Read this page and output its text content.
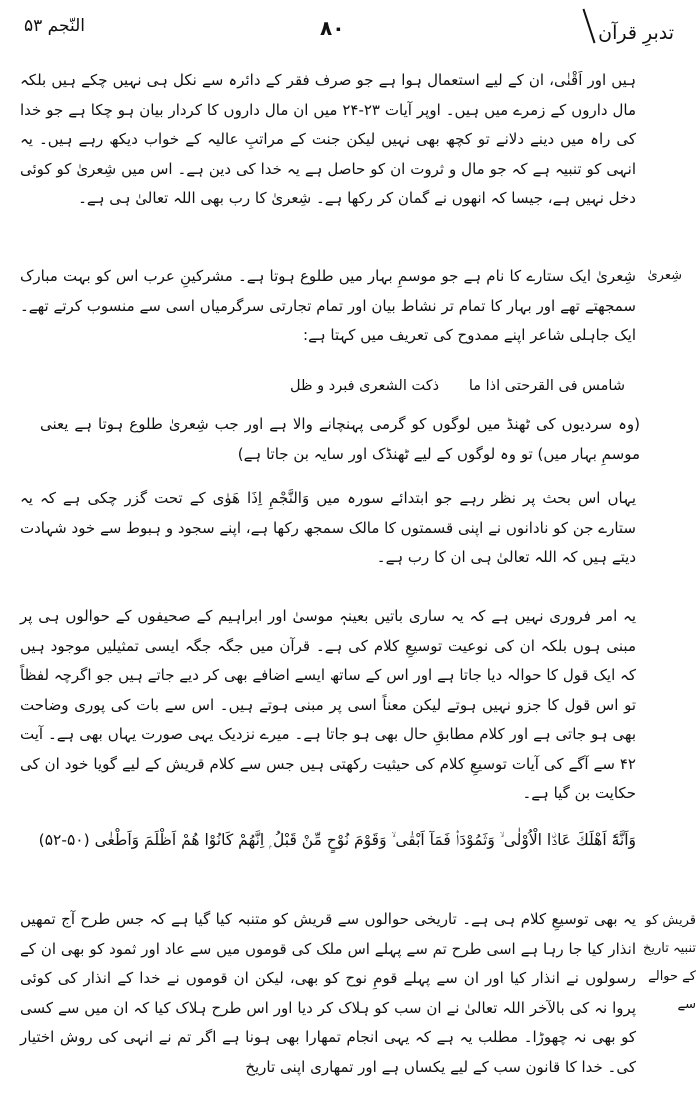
تدبرِ قرآن
۸۰
النّجم ۵۳

ہیں اور اَقْنٰی، ان کے لیے استعمال ہوا ہے جو صرف فقر کے دائرہ سے نکل ہی نہیں چکے ہیں بلکہ مال داروں کے زمرے میں ہیں۔ اوپر آیات ۲۳-۲۴ میں ان مال داروں کا کردار بیان ہو چکا ہے جو خدا کی راہ میں دینے دلانے تو کچھ بھی نہیں لیکن جنت کے مراتبِ عالیہ کے خواب دیکھ رہے ہیں۔ یہ انہی کو تنبیہ ہے کہ جو مال و ثروت ان کو حاصل ہے یہ خدا کی دین ہے۔ اس میں شِعریٰ کو کوئی دخل نہیں ہے، جیسا کہ انھوں نے گمان کر رکھا ہے۔ شِعریٰ کا رب بھی اللہ تعالیٰ ہی ہے۔

شِعریٰ ایک ستارے کا نام ہے جو موسمِ بہار میں طلوع ہوتا ہے۔ مشرکینِ عرب اس کو بہت مبارک سمجھتے تھے اور بہار کا تمام تر نشاط بیان اور تمام تجارتی سرگرمیاں اسی سے منسوب کرتے تھے۔ ایک جاہلی شاعر اپنے ممدوح کی تعریف میں کہتا ہے:

شامس فی القرحتی اذا ما
ذکت الشعری فبرد و ظل

(وہ سردیوں کی ٹھنڈ میں لوگوں کو گرمی پہنچانے والا ہے اور جب شِعریٰ طلوع ہوتا ہے یعنی موسمِ بہار میں) تو وہ لوگوں کے لیے ٹھنڈک اور سایہ بن جاتا ہے)

یہاں اس بحث پر نظر رہے جو ابتدائے سورہ میں وَالنَّجْمِ اِذَا هَوٰی کے تحت گزر چکی ہے کہ یہ ستارے جن کو نادانوں نے اپنی قسمتوں کا مالک سمجھ رکھا ہے، اپنے سجود و ہبوط سے خود شہادت دیتے ہیں کہ اللہ تعالیٰ ہی ان کا رب ہے۔

یہ امر فروری نہیں ہے کہ یہ ساری باتیں بعینہٖ موسیٰ اور ابراہیم کے صحیفوں کے حوالوں ہی پر مبنی ہوں بلکہ ان کی نوعیت توسیعِ کلام کی ہے۔ قرآن میں جگہ جگہ ایسی تمثیلیں موجود ہیں کہ ایک قول کا حوالہ دیا جاتا ہے اور اس کے ساتھ ایسے اضافے بھی کر دیے جاتے ہیں جو اگرچہ لفظاً تو اس قول کا جزو نہیں ہوتے لیکن معناً اسی پر مبنی ہوتے ہیں۔ اس سے بات کی پوری وضاحت بھی ہو جاتی ہے اور کلام مطابقِ حال بھی ہو جاتا ہے۔ میرے نزدیک یہی صورت یہاں بھی ہے۔ آیت ۴۲ سے آگے کی آیات توسیعِ کلام کی حیثیت رکھتی ہیں جس سے کلام قریش کے لیے گویا خود ان کی حکایت بن گیا ہے۔

وَاَنَّهٗٓ اَهْلَكَ عَادَۨا الْاُوْلٰى ۙ وَثَمُوْدَا۟ فَمَآ اَبْقٰى ۙ وَقَوْمَ نُوْحٍ مِّنْ قَبْلُ ۭ اِنَّهُمْ كَانُوْا هُمْ اَظْلَمَ وَاَطْغٰى (۵۰-۵۲)

یہ بھی توسیعِ کلام ہی ہے۔ تاریخی حوالوں سے قریش کو متنبہ کیا گیا ہے کہ جس طرح آج تمھیں انذار کیا جا رہا ہے اسی طرح تم سے پہلے اس ملک کی قوموں میں سے عاد اور ثمود کو بھی ان کے رسولوں نے انذار کیا اور ان سے پہلے قومِ نوح کو بھی، لیکن ان قوموں نے خدا کے انذار کی کوئی پروا نہ کی بالآخر اللہ تعالیٰ نے ان سب کو ہلاک کر دیا اور اس طرح ہلاک کیا کہ ان میں سے کسی کو بھی نہ چھوڑا۔ مطلب یہ ہے کہ یہی انجام تمھارا بھی ہونا ہے اگر تم نے انہی کی روش اختیار کی۔ خدا کا قانون سب کے لیے یکساں ہے اور تمھاری اپنی تاریخ

شِعریٰ
قریش کو تنبیہ تاریخ کے حوالے سے
